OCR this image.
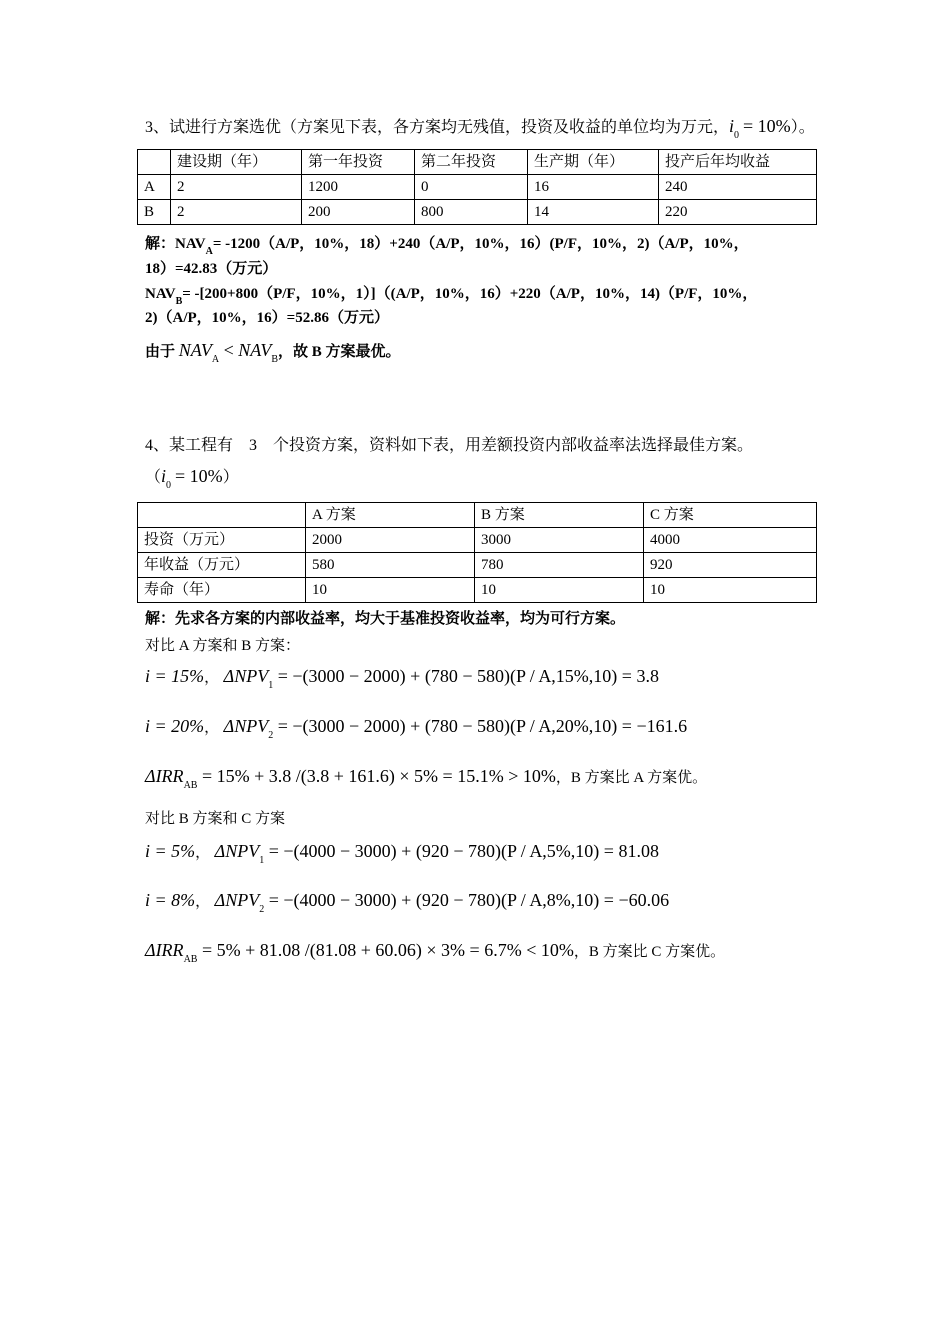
3、试进行方案选优（方案见下表，各方案均无残值，投资及收益的单位均为万元，$i_0 = 10\%$）。
	建设期（年）	第一年投资	第二年投资	生产期（年）	投产后年均收益
A	2	1200	0	16	240
B	2	200	800	14	220
解：$NAV_A= -1200(A/P$，10%，18）+240（A/P，10%，16）(P/F，10%，2)（A/P，10%，
18）=42.83（万元）
$NAV_B= -[200+800(P/F$，10%，1）]（(A/P，10%，16）+220（A/P，10%，14)（P/F，10%，
2)（A/P，10%，16）=52.86（万元）
由于 $NAV_A < NAV_B$，故 B 方案最优。
4、某工程有　3　个投资方案，资料如下表，用差额投资内部收益率法选择最佳方案。
$(i_0 = 10\%)$
	A 方案	B 方案	C 方案
投资（万元）	2000	3000	4000
年收益（万元）	580	780	920
寿命（年）	10	10	10
解：先求各方案的内部收益率，均大于基准投资收益率，均为可行方案。
对比 A 方案和 B 方案：
i = 15%， $\Delta NPV_1 = -(3000 - 2000) + (780 - 580)(P / A,15\%,10) = 3.8$
i = 20%， $\Delta NPV_2 = -(3000 - 2000) + (780 - 580)(P / A,20\%,10) = -161.6$
$\Delta IRR_{AB} = 15\% + 3.8$ /(3.8 + 161.6) × 5% = 15.1% > 10%，B 方案比 A 方案优。
对比 B 方案和 C 方案
i = 5%， $\Delta NPV_1 = -(4000 - 3000) + (920 - 780)(P / A,5\%,10) = 81.08$
i = 8%， $\Delta NPV_2 = -(4000 - 3000) + (920 - 780)(P / A,8\%,10) = -60.06$
$\Delta IRR_{AB} = 5\% + 81.08$ /(81.08 + 60.06) × 3% = 6.7% < 10%，B 方案比 C 方案优。
